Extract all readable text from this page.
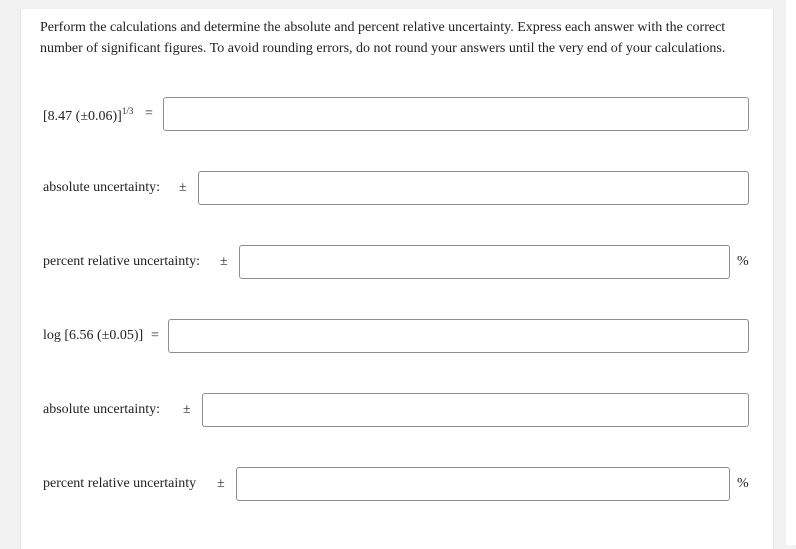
Perform the calculations and determine the absolute and percent relative uncertainty. Express each answer with the correct number of significant figures. To avoid rounding errors, do not round your answers until the very end of your calculations.

[8.47 (±0.06)]$^{1/3}$ =
absolute uncertainty: ±
percent relative uncertainty: ±	%
log [6.56 (±0.05)] =
absolute uncertainty: ±
percent relative uncertainty ±	%
